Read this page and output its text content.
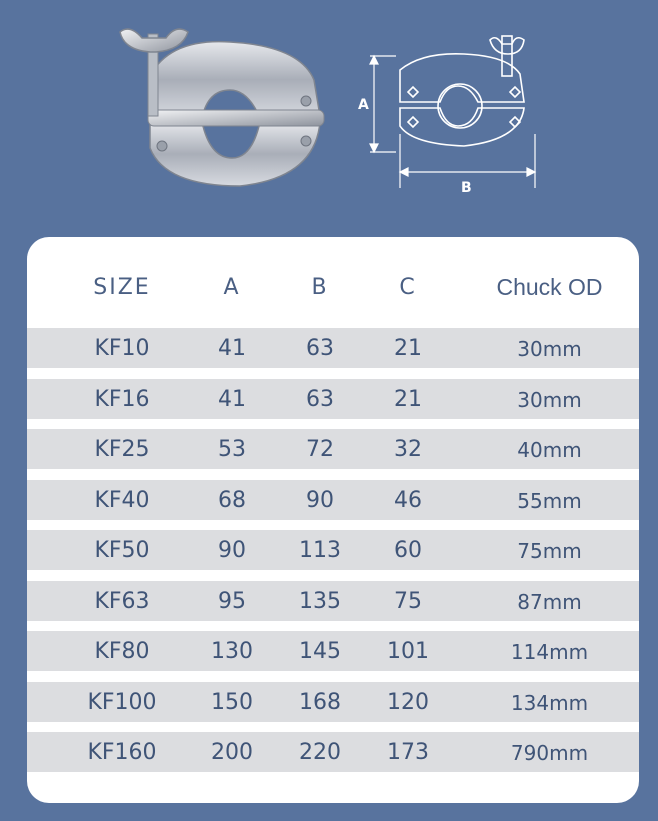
A
B
SIZE	A	B	C	Chuck OD
KF10	41	63	21	30mm
KF16	41	63	21	30mm
KF25	53	72	32	40mm
KF40	68	90	46	55mm
KF50	90	113	60	75mm
KF63	95	135	75	87mm
KF80	130	145	101	114mm
KF100	150	168	120	134mm
KF160	200	220	173	790mm
